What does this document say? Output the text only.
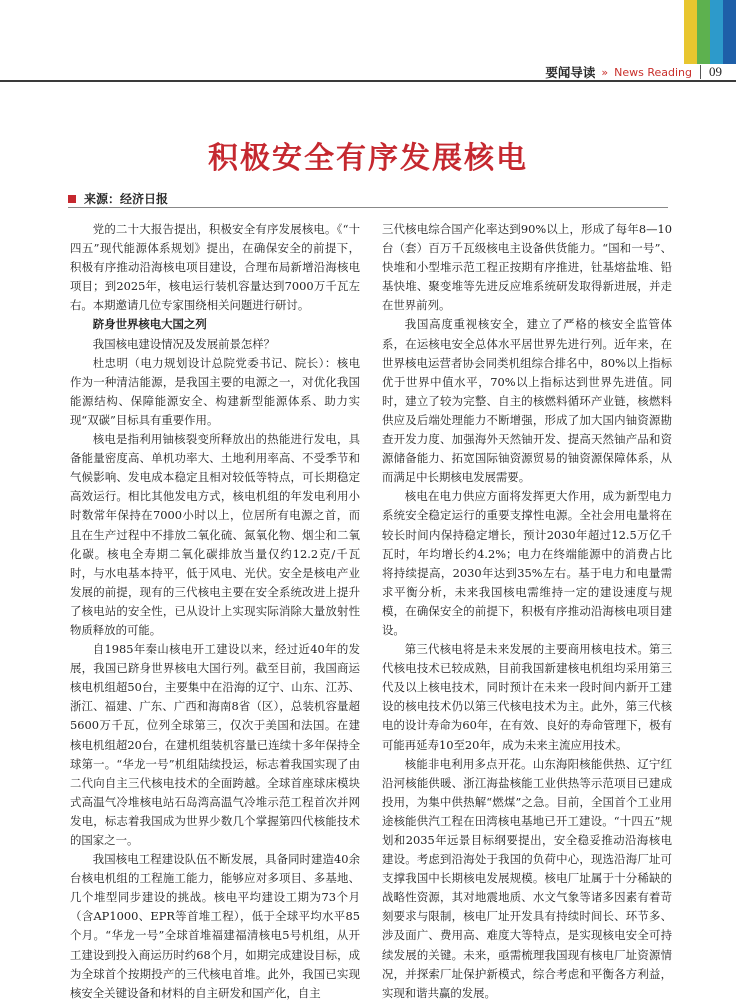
要闻导读 » News Reading 09
积极安全有序发展核电
来源：经济日报

党的二十大报告提出，积极安全有序发展核电。《“十四五”现代能源体系规划》提出，在确保安全的前提下，积极有序推动沿海核电项目建设，合理布局新增沿海核电项目；到2025年，核电运行装机容量达到7000万千瓦左右。本期邀请几位专家围绕相关问题进行研讨。

跻身世界核电大国之列

我国核电建设情况及发展前景怎样？

杜忠明（电力规划设计总院党委书记、院长）：核电作为一种清洁能源，是我国主要的电源之一，对优化我国能源结构、保障能源安全、构建新型能源体系、助力实现“双碳”目标具有重要作用。

核电是指利用铀核裂变所释放出的热能进行发电，具备能量密度高、单机功率大、土地利用率高、不受季节和气候影响、发电成本稳定且相对较低等特点，可长期稳定高效运行。相比其他发电方式，核电机组的年发电利用小时数常年保持在7000小时以上，位居所有电源之首，而且在生产过程中不排放二氧化硫、氮氧化物、烟尘和二氧化碳。核电全寿期二氧化碳排放当量仅约12.2克/千瓦时，与水电基本持平，低于风电、光伏。安全是核电产业发展的前提，现有的三代核电主要在安全系统改进上提升了核电站的安全性，已从设计上实现实际消除大量放射性物质释放的可能。

自1985年秦山核电开工建设以来，经过近40年的发展，我国已跻身世界核电大国行列。截至目前，我国商运核电机组超50台，主要集中在沿海的辽宁、山东、江苏、浙江、福建、广东、广西和海南8省（区），总装机容量超5600万千瓦，位列全球第三，仅次于美国和法国。在建核电机组超20台，在建机组装机容量已连续十多年保持全球第一。“华龙一号”机组陆续投运，标志着我国实现了由二代向自主三代核电技术的全面跨越。全球首座球床模块式高温气冷堆核电站石岛湾高温气冷堆示范工程首次并网发电，标志着我国成为世界少数几个掌握第四代核能技术的国家之一。

我国核电工程建设队伍不断发展，具备同时建造40余台核电机组的工程施工能力，能够应对多项目、多基地、几个堆型同步建设的挑战。核电平均建设工期为73个月（含AP1000、EPR等首堆工程），低于全球平均水平85个月。“华龙一号”全球首堆福建福清核电5号机组，从开工建设到投入商运历时约68个月，如期完成建设目标，成为全球首个按期投产的三代核电首堆。此外，我国已实现核安全关键设备和材料的自主研发和国产化，自主

三代核电综合国产化率达到90%以上，形成了每年8—10台（套）百万千瓦级核电主设备供货能力。“国和一号”、快堆和小型堆示范工程正按期有序推进，钍基熔盐堆、铅基快堆、聚变堆等先进反应堆系统研发取得新进展，并走在世界前列。

我国高度重视核安全，建立了严格的核安全监管体系，在运核电安全总体水平居世界先进行列。近年来，在世界核电运营者协会同类机组综合排名中，80%以上指标优于世界中值水平，70%以上指标达到世界先进值。同时，建立了较为完整、自主的核燃料循环产业链，核燃料供应及后端处理能力不断增强，形成了加大国内铀资源勘查开发力度、加强海外天然铀开发、提高天然铀产品和资源储备能力、拓宽国际铀资源贸易的铀资源保障体系，从而满足中长期核电发展需要。

核电在电力供应方面将发挥更大作用，成为新型电力系统安全稳定运行的重要支撑性电源。全社会用电量将在较长时间内保持稳定增长，预计2030年超过12.5万亿千瓦时，年均增长约4.2%；电力在终端能源中的消费占比将持续提高，2030年达到35%左右。基于电力和电量需求平衡分析，未来我国核电需维持一定的建设速度与规模，在确保安全的前提下，积极有序推动沿海核电项目建设。

第三代核电将是未来发展的主要商用核电技术。第三代核电技术已较成熟，目前我国新建核电机组均采用第三代及以上核电技术，同时预计在未来一段时间内新开工建设的核电技术仍以第三代核电技术为主。此外，第三代核电的设计寿命为60年，在有效、良好的寿命管理下，极有可能再延寿10至20年，成为未来主流应用技术。

核能非电利用多点开花。山东海阳核能供热、辽宁红沿河核能供暖、浙江海盐核能工业供热等示范项目已建成投用，为集中供热解“燃煤”之急。目前，全国首个工业用途核能供汽工程在田湾核电基地已开工建设。“十四五”规划和2035年远景目标纲要提出，安全稳妥推动沿海核电建设。考虑到沿海处于我国的负荷中心，现选沿海厂址可支撑我国中长期核电发展规模。核电厂址属于十分稀缺的战略性资源，其对地震地质、水文气象等诸多因素有着苛刻要求与限制，核电厂址开发具有持续时间长、环节多、涉及面广、费用高、难度大等特点，是实现核电安全可持续发展的关键。未来，亟需梳理我国现有核电厂址资源情况，并探索厂址保护新模式，综合考虑和平衡各方利益，实现和谐共赢的发展。
